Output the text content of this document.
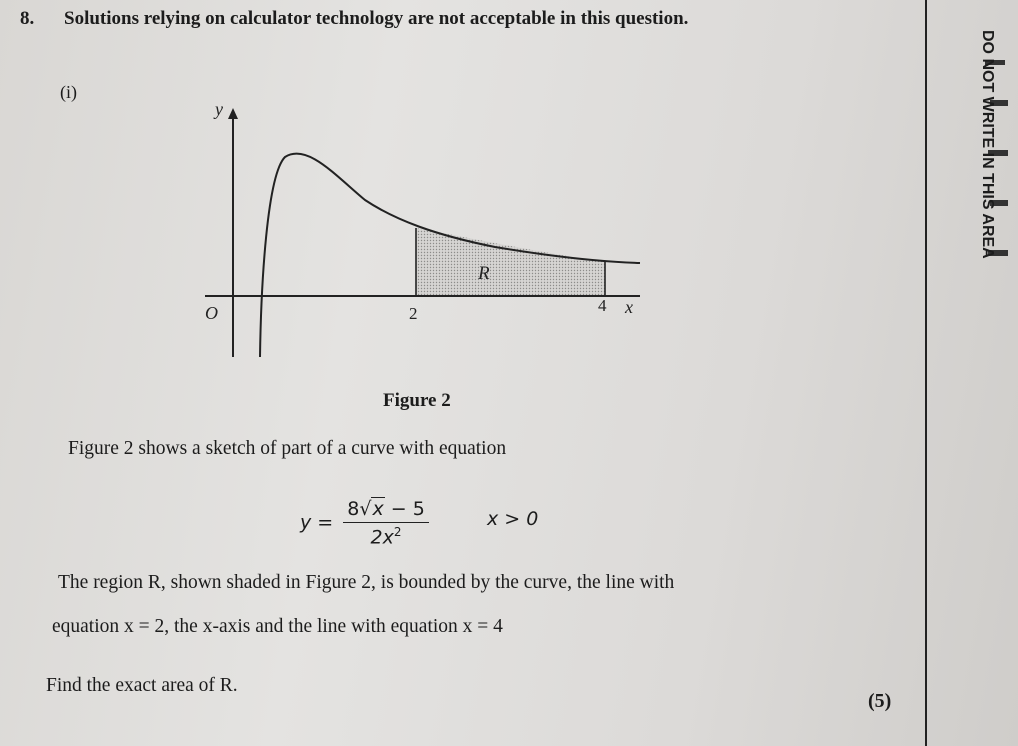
8. Solutions relying on calculator technology are not acceptable in this question.
(i)
y
x
O	2	4
R
Figure 2
Figure 2 shows a sketch of part of a curve with equation
$y = \frac{8√x - 5}{2x^2}$	x > 0
The region R, shown shaded in Figure 2, is bounded by the curve, the line with
equation x = 2, the x-axis and the line with equation x = 4
Find the exact area of R.
(5)
DO NOT WRITE IN THIS AREA
